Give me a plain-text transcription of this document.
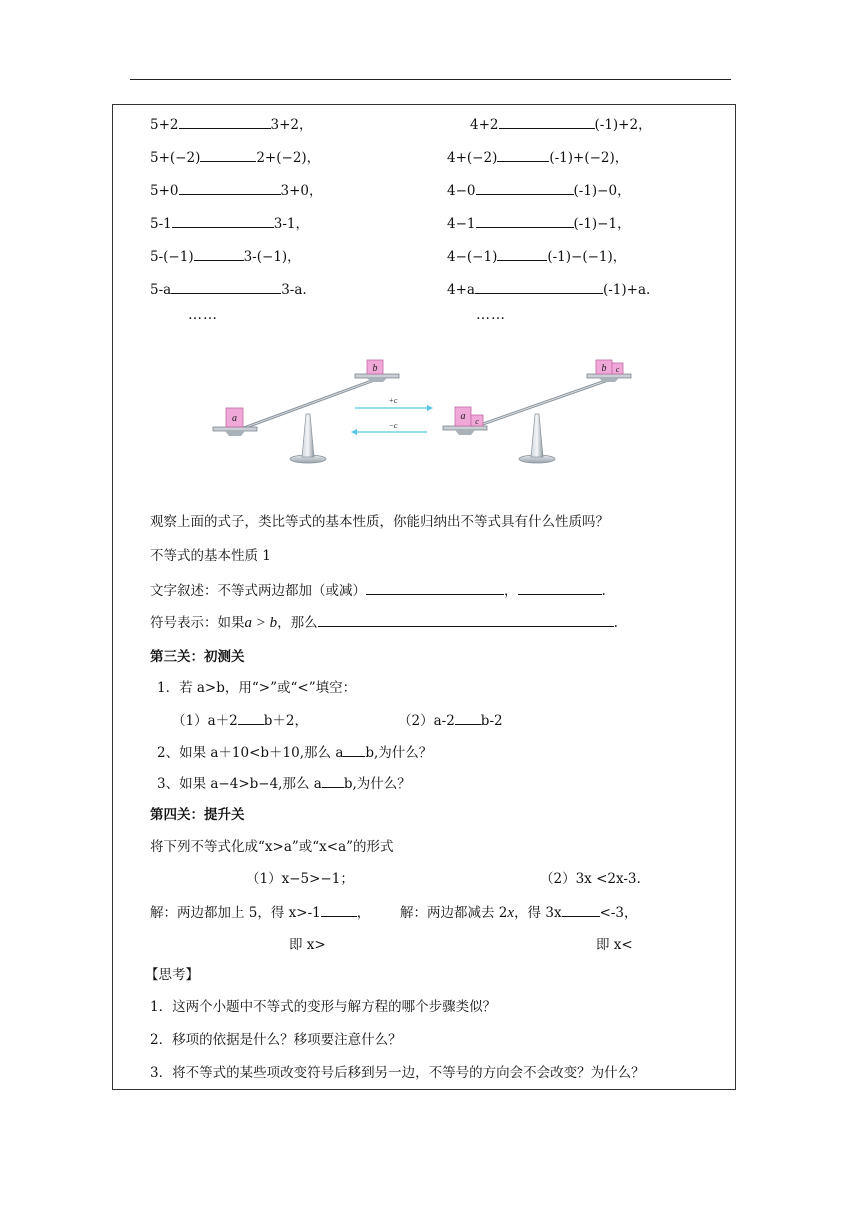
5+2	3+2，
5+(−2)	2+(−2)，
5+0	3+0，
5-1	3-1，
5-(−1)	3-(−1)，
5-a	3-a.
……
4+2	(-1)+2，
4+(−2)	(-1)+(−2)，
4−0	(-1)−0，
4−1	(-1)−1，
4−(−1)	(-1)−(−1)，
4+a	(-1)+a.
……
a
b
+c
−c
a c
b c
观察上面的式子，类比等式的基本性质，你能归纳出不等式具有什么性质吗？
不等式的基本性质 1
文字叙述：不等式两边都加（或减）	，	.
符号表示：如果a > b，那么	.
第三关：初测关
1．若 a>b，用“>”或“<”填空：
（1）a＋2 b＋2，	（2）a-2 b-2
2、如果 a＋10<b＋10,那么 a b,为什么？
3、如果 a−4>b−4,那么 a b,为什么？
第四关：提升关
将下列不等式化成“x>a”或“x<a”的形式
（1）x−5>−1；	（2）3x <2x-3.
解：两边都加上 5，得 x>-1	， 解：两边都减去 2x，得 3x	<-3，
即 x>	即 x<
【思考】
1．这两个小题中不等式的变形与解方程的哪个步骤类似？
2．移项的依据是什么？移项要注意什么？
3．将不等式的某些项改变符号后移到另一边，不等号的方向会不会改变？为什么？
